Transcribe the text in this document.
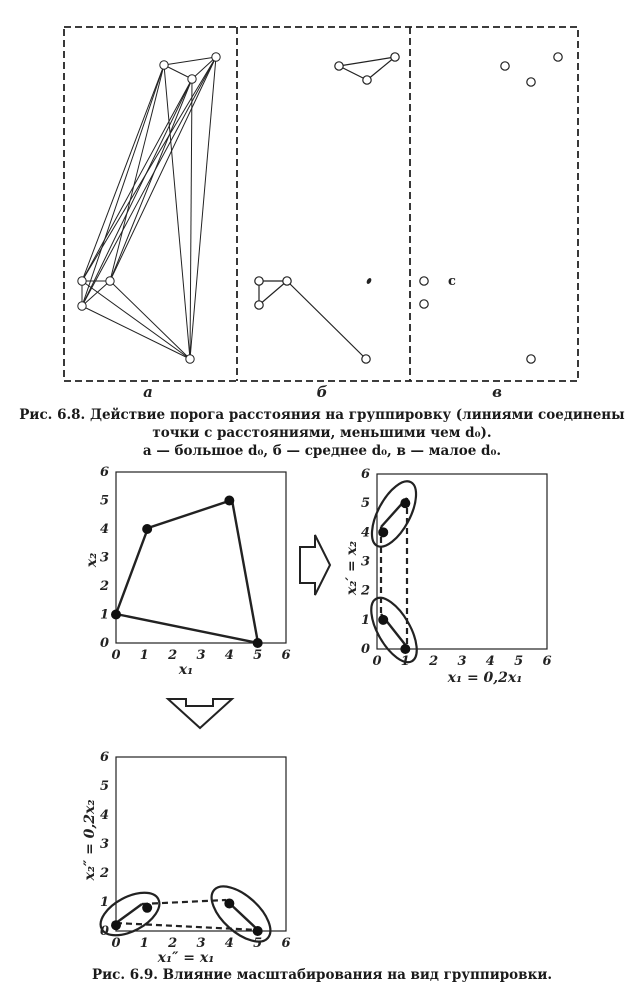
с
а	б	в
0 1 2 3 4 5 6
0
1
2
3
4
5
6
x₂
x₁
0 1 2 3 4 5 6
0
1
2
3
4
5
6
x₂′ = x₂
x₁ = 0,2x₁
0 1 2 3 4 5 6
0
1
2
3
4
5
6
x₂″ = 0,2x₂
x₁″ = x₁
Рис. 6.8. Действие порога расстояния на группировку (линиями соединены
точки с расстояниями, меньшими чем d₀).
а — большое d₀, б — среднее d₀, в — малое d₀.
Рис. 6.9. Влияние масштабирования на вид группировки.
